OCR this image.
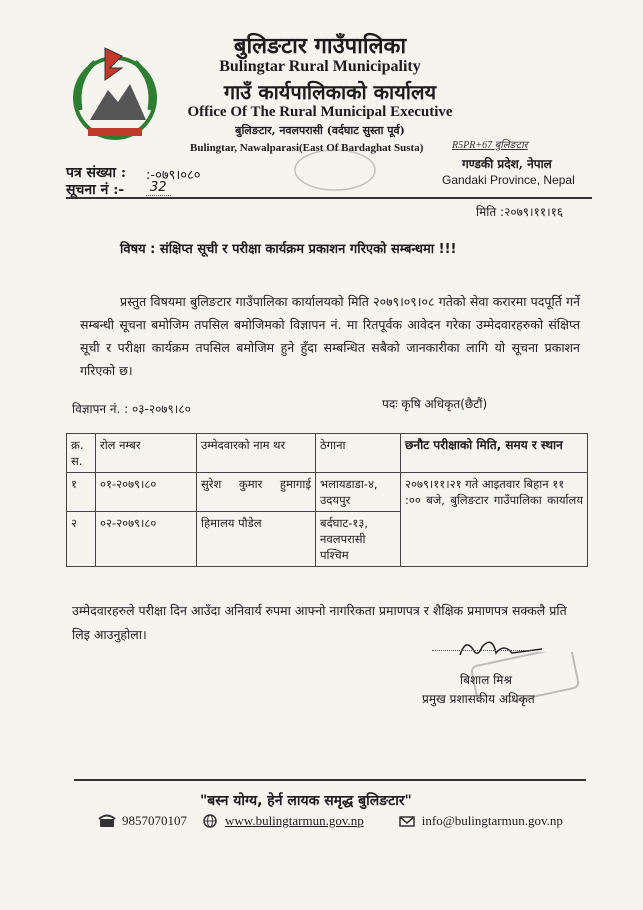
बुलिङटार गाउँपालिका
Bulingtar Rural Municipality
गाउँ कार्यपालिकाको कार्यालय
Office Of The Rural Municipal Executive
बुलिङटार, नवलपरासी (वर्दघाट सुस्ता पूर्व)
Bulingtar, Nawalparasi(East Of Bardaghat Susta)	R5PR+67 बुलिङटार
गण्डकी प्रदेश, नेपाल
Gandaki Province, Nepal
पत्र संख्या : :-०७९।०८०
सूचना नं :-	32
मिति :२०७९।११।१६
विषय : संक्षिप्त सूची र परीक्षा कार्यक्रम प्रकाशन गरिएको सम्बन्धमा !!!
प्रस्तुत विषयमा बुलिङटार गाउँपालिका कार्यालयको मिति २०७९।०९।०८ गतेको सेवा करारमा पदपूर्ति गर्ने सम्बन्धी सूचना बमोजिम तपसिल बमोजिमको विज्ञापन नं. मा रितपूर्वक आवेदन गरेका उम्मेदवारहरुको संक्षिप्त सूची र परीक्षा कार्यक्रम तपसिल बमोजिम हुने हुँदा सम्बन्धित सबैको जानकारीका लागि यो सूचना प्रकाशन गरिएको छ।
विज्ञापन नं. : ०३-२०७९।८०	पदः कृषि अधिकृत(छैटौं)
क्र. स.	रोल नम्बर	उम्मेदवारको नाम थर	ठेगाना	छनौट परीक्षाको मिति, समय र स्थान
१	०१-२०७९।८०	सुरेश कुमार हुमागाई	भलायडाडा-४, उदयपुर	२०७९।११।२१ गते आइतवार बिहान ११ :०० बजे, बुलिङटार गाउँपालिका कार्यालय
२	०२-२०७९।८०	हिमालय पौडेल	बर्दघाट-१३, नवलपरासी पश्चिम	
उम्मेदवारहरुले परीक्षा दिन आउँदा अनिवार्य रुपमा आफ्नो नागरिकता प्रमाणपत्र र शैक्षिक प्रमाणपत्र सक्कलै प्रति लिइ आउनुहोला।
बिशाल मिश्र
प्रमुख प्रशासकीय अधिकृत
"बस्न योग्य, हेर्न लायक समृद्ध बुलिङटार"
9857070107	www.bulingtarmun.gov.np	info@bulingtarmun.gov.np
